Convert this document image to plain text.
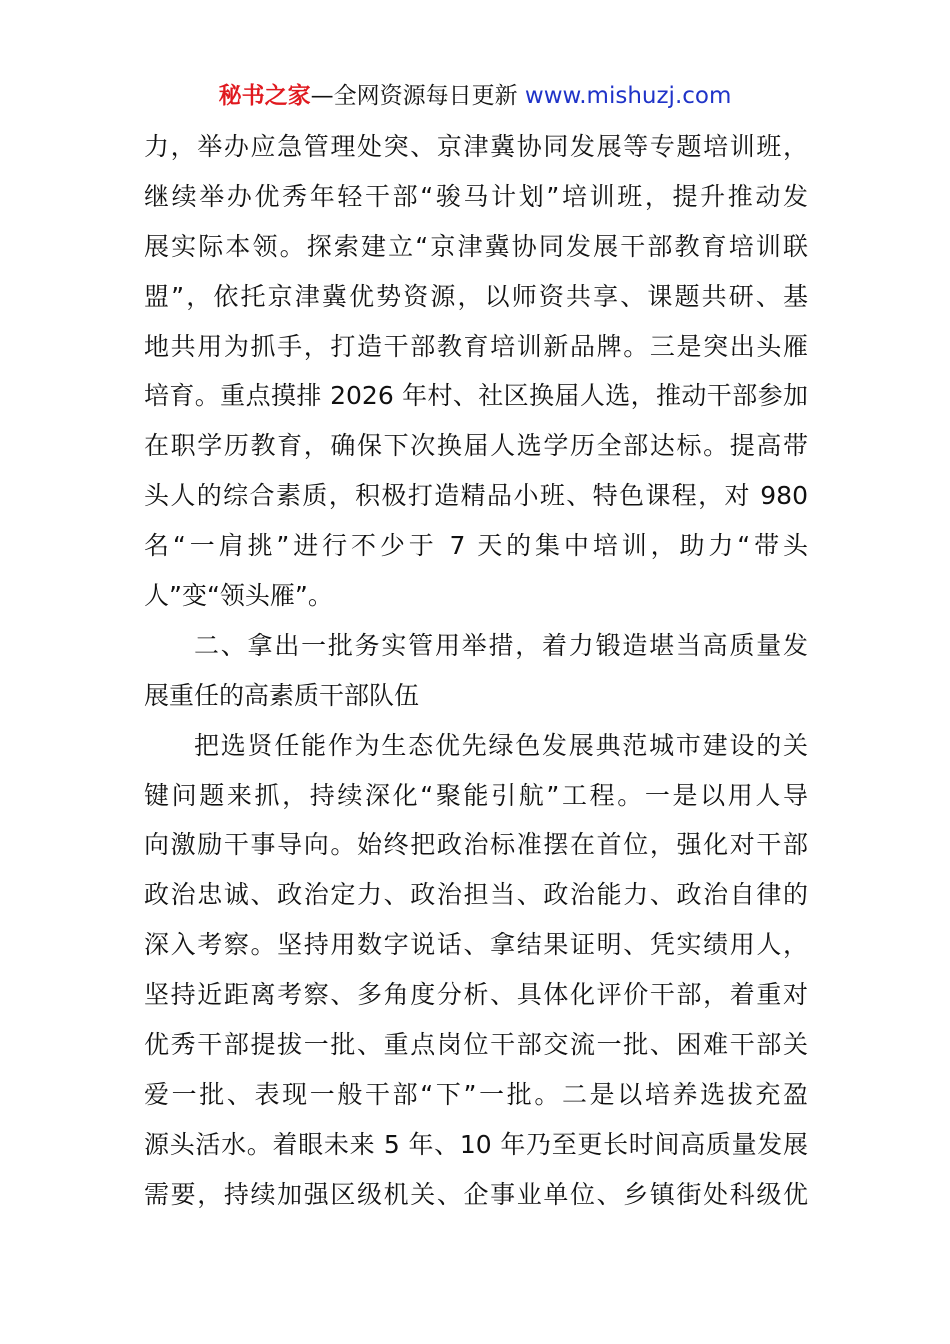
秘书之家—全网资源每日更新 www.mishuzj.com
力，举办应急管理处突、京津冀协同发展等专题培训班，
继续举办优秀年轻干部“骏马计划”培训班，提升推动发
展实际本领。探索建立“京津冀协同发展干部教育培训联
盟”，依托京津冀优势资源，以师资共享、课题共研、基
地共用为抓手，打造干部教育培训新品牌。三是突出头雁
培育。重点摸排 2026 年村、社区换届人选，推动干部参加
在职学历教育，确保下次换届人选学历全部达标。提高带
头人的综合素质，积极打造精品小班、特色课程，对 980
名“一肩挑”进行不少于 7 天的集中培训，助力“带头
人”变“领头雁”。
二、拿出一批务实管用举措，着力锻造堪当高质量发
展重任的高素质干部队伍
把选贤任能作为生态优先绿色发展典范城市建设的关
键问题来抓，持续深化“聚能引航”工程。一是以用人导
向激励干事导向。始终把政治标准摆在首位，强化对干部
政治忠诚、政治定力、政治担当、政治能力、政治自律的
深入考察。坚持用数字说话、拿结果证明、凭实绩用人，
坚持近距离考察、多角度分析、具体化评价干部，着重对
优秀干部提拔一批、重点岗位干部交流一批、困难干部关
爱一批、表现一般干部“下”一批。二是以培养选拔充盈
源头活水。着眼未来 5 年、10 年乃至更长时间高质量发展
需要，持续加强区级机关、企事业单位、乡镇街处科级优
